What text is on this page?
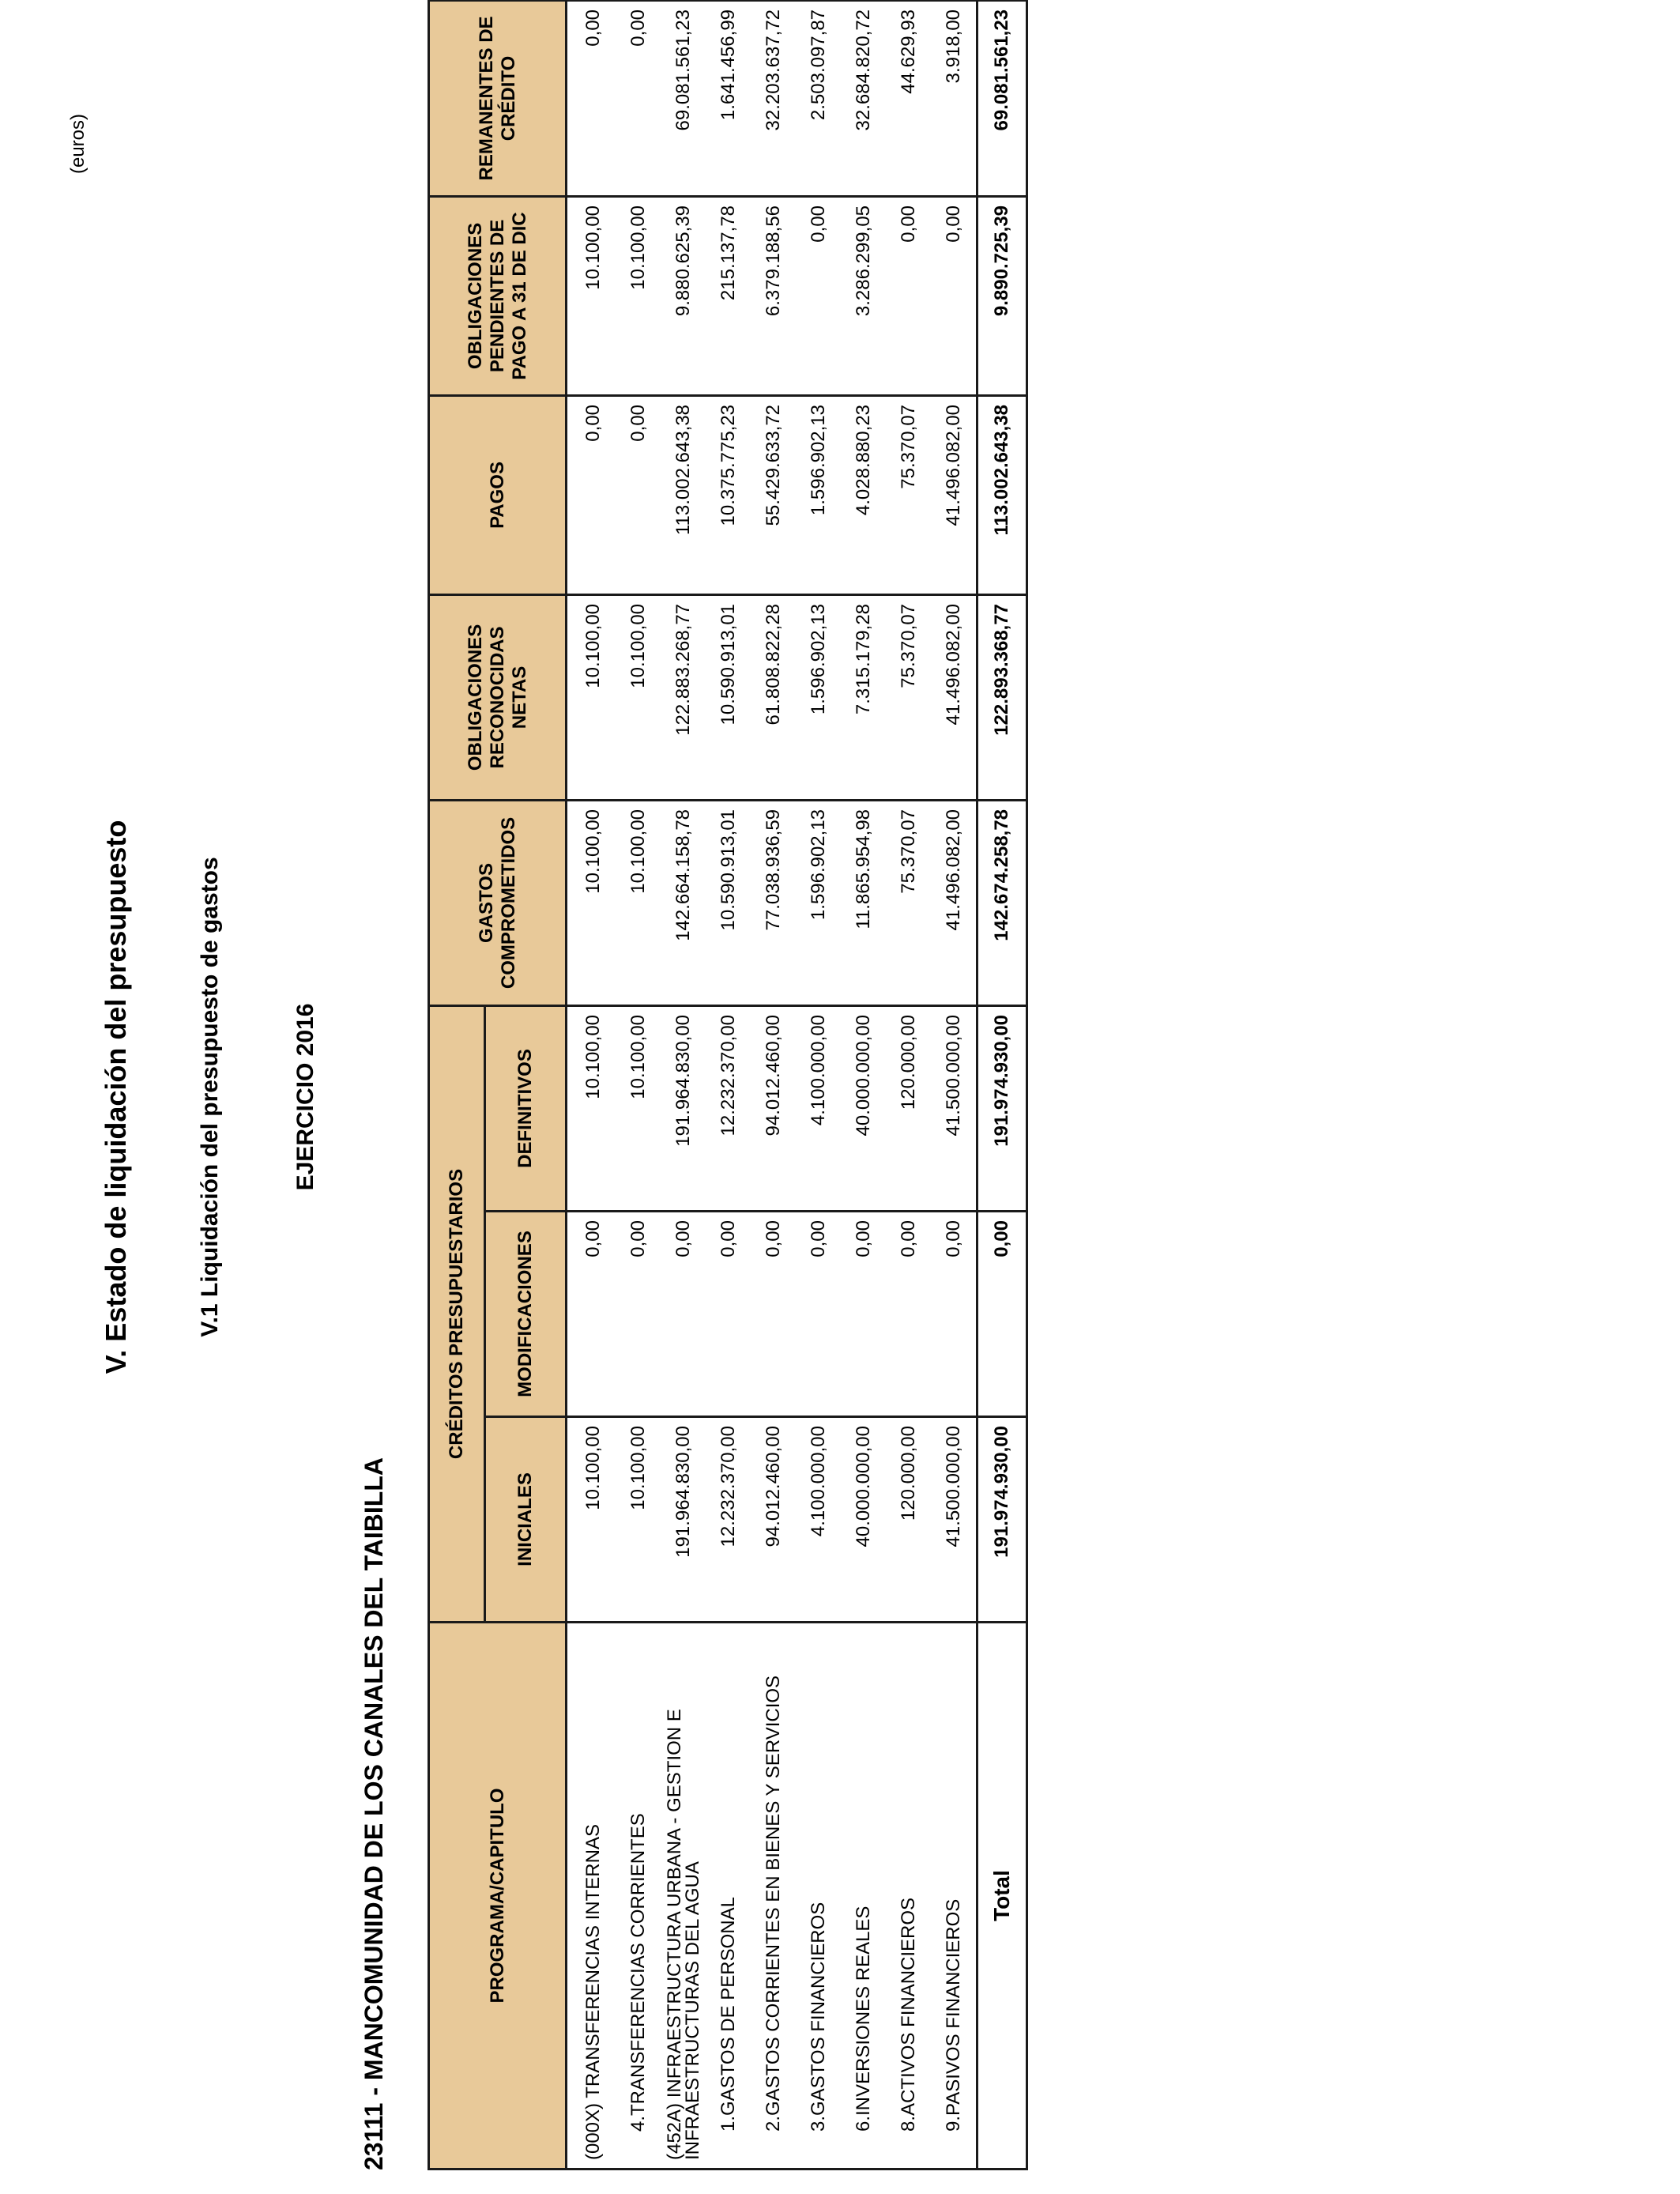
V. Estado de liquidación del presupuesto	V.1 Liquidación del presupuesto de gastos	EJERCICIO 2016
23111 - MANCOMUNIDAD DE LOS CANALES DEL TAIBILLA
(euros)
PROGRAMA/CAPITULO	CRÉDITOS PRESUPUESTARIOS			GASTOS COMPROMETIDOS	OBLIGACIONES RECONOCIDAS NETAS	PAGOS	OBLIGACIONES PENDIENTES DE PAGO A 31 DE DIC	REMANENTES DE CRÉDITO
	INICIALES	MODIFICACIONES	DEFINITIVOS					
(000X) TRANSFERENCIAS INTERNAS	10.100,00	0,00	10.100,00	10.100,00	10.100,00	0,00	10.100,00	0,00
4.TRANSFERENCIAS CORRIENTES	10.100,00	0,00	10.100,00	10.100,00	10.100,00	0,00	10.100,00	0,00
(452A) INFRAESTRUCTURA URBANA - GESTION E INFRAESTRUCTURAS DEL AGUA	191.964.830,00	0,00	191.964.830,00	142.664.158,78	122.883.268,77	113.002.643,38	9.880.625,39	69.081.561,23
1.GASTOS DE PERSONAL	12.232.370,00	0,00	12.232.370,00	10.590.913,01	10.590.913,01	10.375.775,23	215.137,78	1.641.456,99
2.GASTOS CORRIENTES EN BIENES Y SERVICIOS	94.012.460,00	0,00	94.012.460,00	77.038.936,59	61.808.822,28	55.429.633,72	6.379.188,56	32.203.637,72
3.GASTOS FINANCIEROS	4.100.000,00	0,00	4.100.000,00	1.596.902,13	1.596.902,13	1.596.902,13	0,00	2.503.097,87
6.INVERSIONES REALES	40.000.000,00	0,00	40.000.000,00	11.865.954,98	7.315.179,28	4.028.880,23	3.286.299,05	32.684.820,72
8.ACTIVOS FINANCIEROS	120.000,00	0,00	120.000,00	75.370,07	75.370,07	75.370,07	0,00	44.629,93
9.PASIVOS FINANCIEROS	41.500.000,00	0,00	41.500.000,00	41.496.082,00	41.496.082,00	41.496.082,00	0,00	3.918,00
Total	191.974.930,00	0,00	191.974.930,00	142.674.258,78	122.893.368,77	113.002.643,38	9.890.725,39	69.081.561,23
